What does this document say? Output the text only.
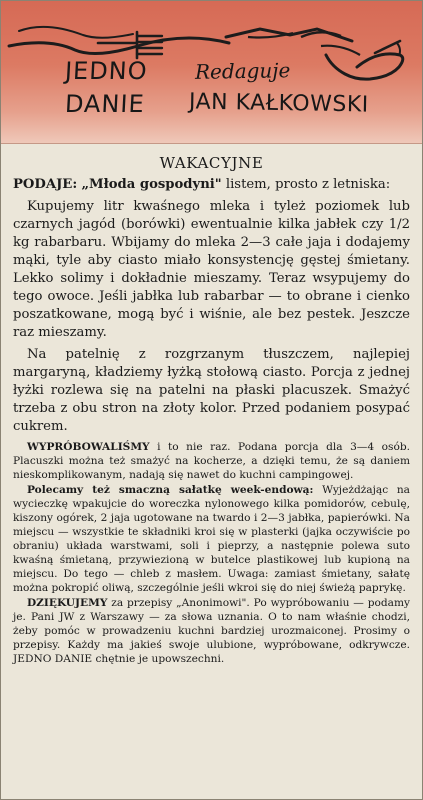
JEDNO Redaguje
DANIE JAN KAŁKOWSKI
WAKACYJNE

PODAJE: „Młoda gospodyni" listem, prosto z letniska:

Kupujemy litr kwaśnego mleka i tyleż poziomek lub czarnych jagód (borówki) ewentualnie kilka jabłek czy 1/2 kg rabarbaru. Wbijamy do mleka 2—3 całe jaja i dodajemy mąki, tyle aby ciasto miało konsystencję gęstej śmietany. Lekko solimy i dokładnie mieszamy. Teraz wsypujemy do tego owoce. Jeśli jabłka lub rabarbar — to obrane i cienko poszatkowane, mogą być i wiśnie, ale bez pestek. Jeszcze raz mieszamy.

Na patelnię z rozgrzanym tłuszczem, najlepiej margaryną, kładziemy łyżką stołową ciasto. Porcja z jednej łyżki rozlewa się na patelni na płaski placuszek. Smażyć trzeba z obu stron na złoty kolor. Przed podaniem posypać cukrem.

WYPRÓBOWALIŚMY i to nie raz. Podana porcja dla 3—4 osób. Placuszki można też smażyć na kocherze, a dzięki temu, że są daniem nieskomplikowanym, nadają się nawet do kuchni campingowej.

Polecamy też smaczną sałatkę week-endową: Wyjeżdżając na wycieczkę wpakujcie do woreczka nylonowego kilka pomidorów, cebulę, kiszony ogórek, 2 jaja ugotowane na twardo i 2—3 jabłka, papierówki. Na miejscu — wszystkie te składniki kroi się w plasterki (jajka oczywiście po obraniu) układa warstwami, soli i pieprzy, a następnie polewa suto kwaśną śmietaną, przywiezioną w butelce plastikowej lub kupioną na miejscu. Do tego — chleb z masłem. Uwaga: zamiast śmietany, sałatę można pokropić oliwą, szczególnie jeśli wkroi się do niej świeżą paprykę.

DZIĘKUJEMY za przepisy „Anonimowi". Po wypróbowaniu — podamy je. Pani JW z Warszawy — za słowa uznania. O to nam właśnie chodzi, żeby pomóc w prowadzeniu kuchni bardziej urozmaiconej. Prosimy o przepisy. Każdy ma jakieś swoje ulubione, wypróbowane, odkrywcze. JEDNO DANIE chętnie je upowszechni.
